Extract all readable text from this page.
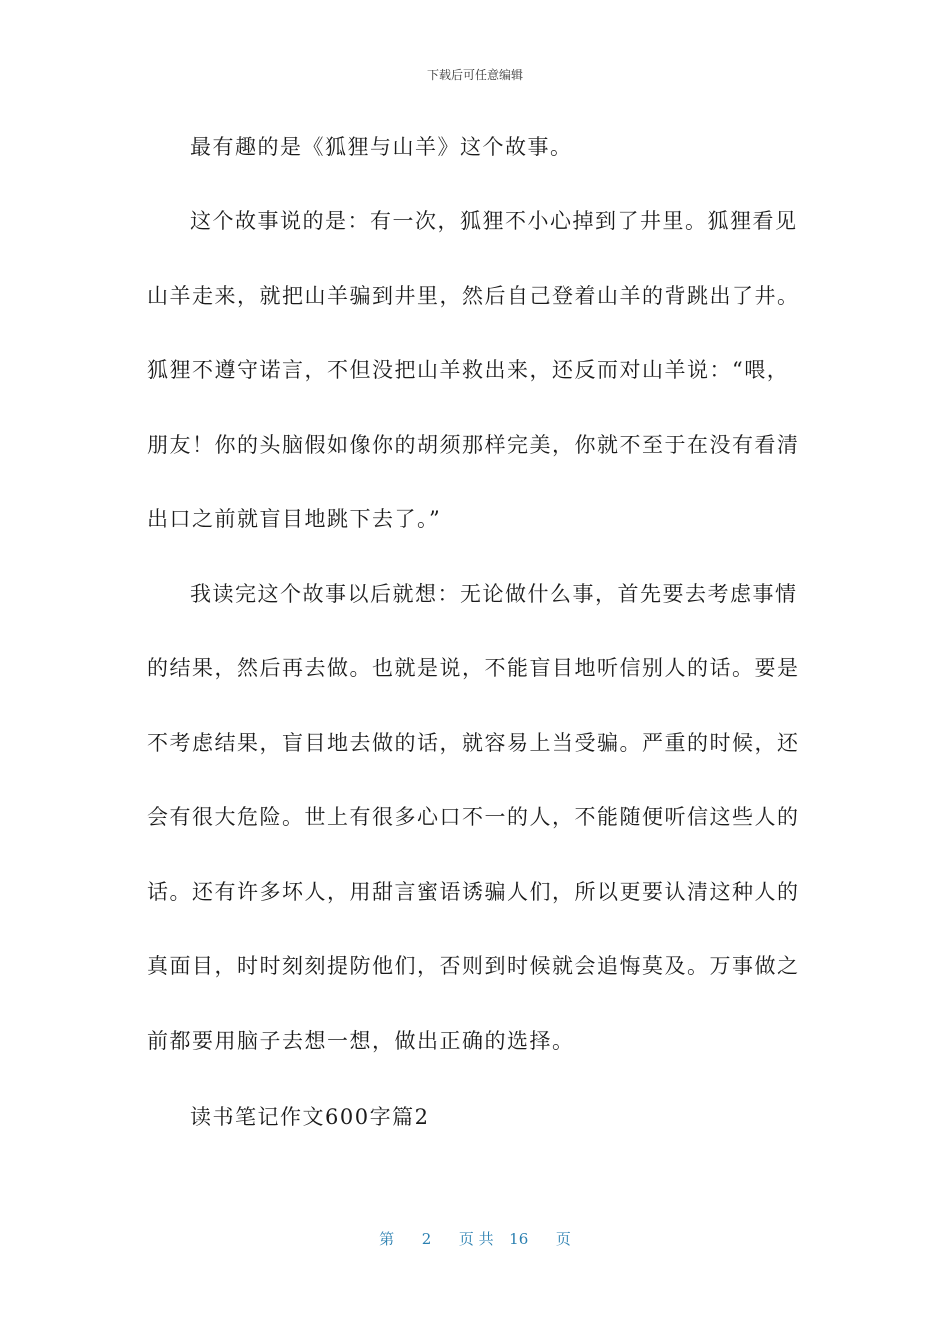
下载后可任意编辑
最有趣的是《狐狸与山羊》这个故事。
这个故事说的是：有一次，狐狸不小心掉到了井里。狐狸看见
山羊走来，就把山羊骗到井里，然后自己登着山羊的背跳出了井。
狐狸不遵守诺言，不但没把山羊救出来，还反而对山羊说：“喂，
朋友！你的头脑假如像你的胡须那样完美，你就不至于在没有看清
出口之前就盲目地跳下去了。”
我读完这个故事以后就想：无论做什么事，首先要去考虑事情
的结果，然后再去做。也就是说，不能盲目地听信别人的话。要是
不考虑结果，盲目地去做的话，就容易上当受骗。严重的时候，还
会有很大危险。世上有很多心口不一的人，不能随便听信这些人的
话。还有许多坏人，用甜言蜜语诱骗人们，所以更要认清这种人的
真面目，时时刻刻提防他们，否则到时候就会追悔莫及。万事做之
前都要用脑子去想一想，做出正确的选择。
读书笔记作文600字篇2
第 2 页 共 16 页
